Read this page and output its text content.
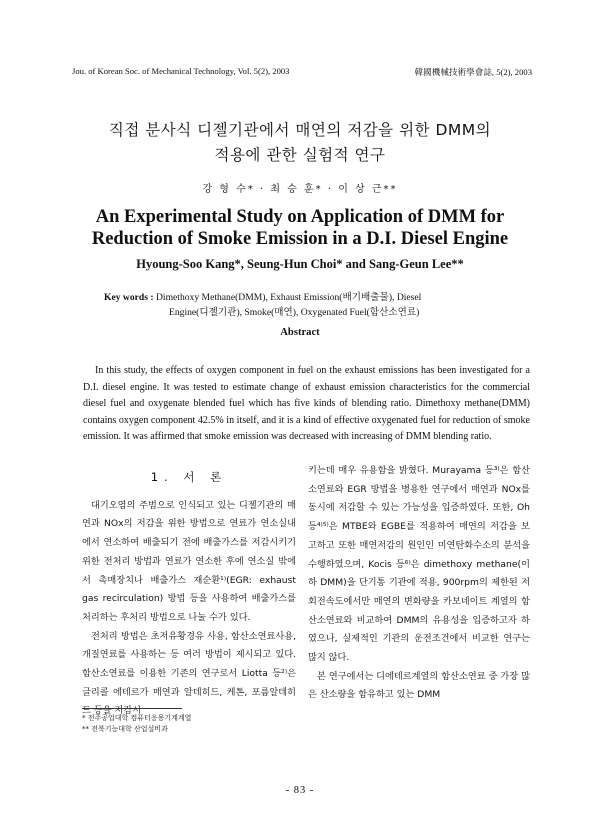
Jou. of Korean Soc. of Mechanical Technology, Vol. 5(2), 2003	韓國機械技術學會誌, 5(2), 2003
직접 분사식 디젤기관에서 매연의 저감을 위한 DMM의
적용에 관한 실험적 연구
강 형 수* · 최 승 훈* · 이 상 근**
An Experimental Study on Application of DMM for
Reduction of Smoke Emission in a D.I. Diesel Engine
Hyoung-Soo Kang*, Seung-Hun Choi* and Sang-Geun Lee**
Key words : Dimethoxy Methane(DMM), Exhaust Emission(배기배출물), Diesel
Engine(디젤기관), Smoke(매연), Oxygenated Fuel(함산소연료)
Abstract

In this study, the effects of oxygen component in fuel on the exhaust emissions has been investigated for a D.I. diesel engine. It was tested to estimate change of exhaust emission characteristics for the commercial diesel fuel and oxygenate blended fuel which has five kinds of blending ratio. Dimethoxy methane(DMM) contains oxygen component 42.5% in itself, and it is a kind of effective oxygenated fuel for reduction of smoke emission. It was affirmed that smoke emission was decreased with increasing of DMM blending ratio.

1. 서 론

대기오염의 주범으로 인식되고 있는 디젤기관의 매연과 NOx의 저감을 위한 방법으로 연료가 연소실내에서 연소하여 배출되기 전에 배출가스를 저감시키기 위한 전처리 방법과 연료가 연소한 후에 연소실 밖에서 촉매장치나 배출가스 재순환¹⁾(EGR: exhaust gas recirculation) 방법 등을 사용하여 배출가스를 처리하는 후처리 방법으로 나눌 수가 있다.

전처리 방법은 초저유황경유 사용, 함산소연료사용, 개질연료를 사용하는 등 여러 방법이 제시되고 있다. 함산소연료를 이용한 기존의 연구로서 Liotta 등²⁾은 글리콜 에테르가 매연과 알데히드, 케톤, 포름알데히드 등을 저감시

키는데 매우 유용함을 밝혔다. Murayama 등³⁾은 함산소연료와 EGR 방법을 병용한 연구에서 매연과 NOx를 동시에 저감할 수 있는 가능성을 입증하였다. 또한, Oh 등⁴⁾⁵⁾은 MTBE와 EGBE를 적용하여 매연의 저감을 보고하고 또한 매연저감의 원인인 미연탄화수소의 분석을 수행하였으며, Kocis 등⁶⁾은 dimethoxy methane(이하 DMM)을 단기통 기관에 적용, 900rpm의 제한된 저회전속도에서만 매연의 변화량을 카보네이트 계열의 함산소연료와 비교하여 DMM의 유용성을 입증하고자 하였으나, 실제적인 기관의 운전조건에서 비교한 연구는 많지 않다.

본 연구에서는 디에테르계열의 함산소연료 중 가장 많은 산소량을 함유하고 있는 DMM

* 전주공업대학 컴퓨터응용기계계열
** 전북기능대학 산업설비과
- 83 -
